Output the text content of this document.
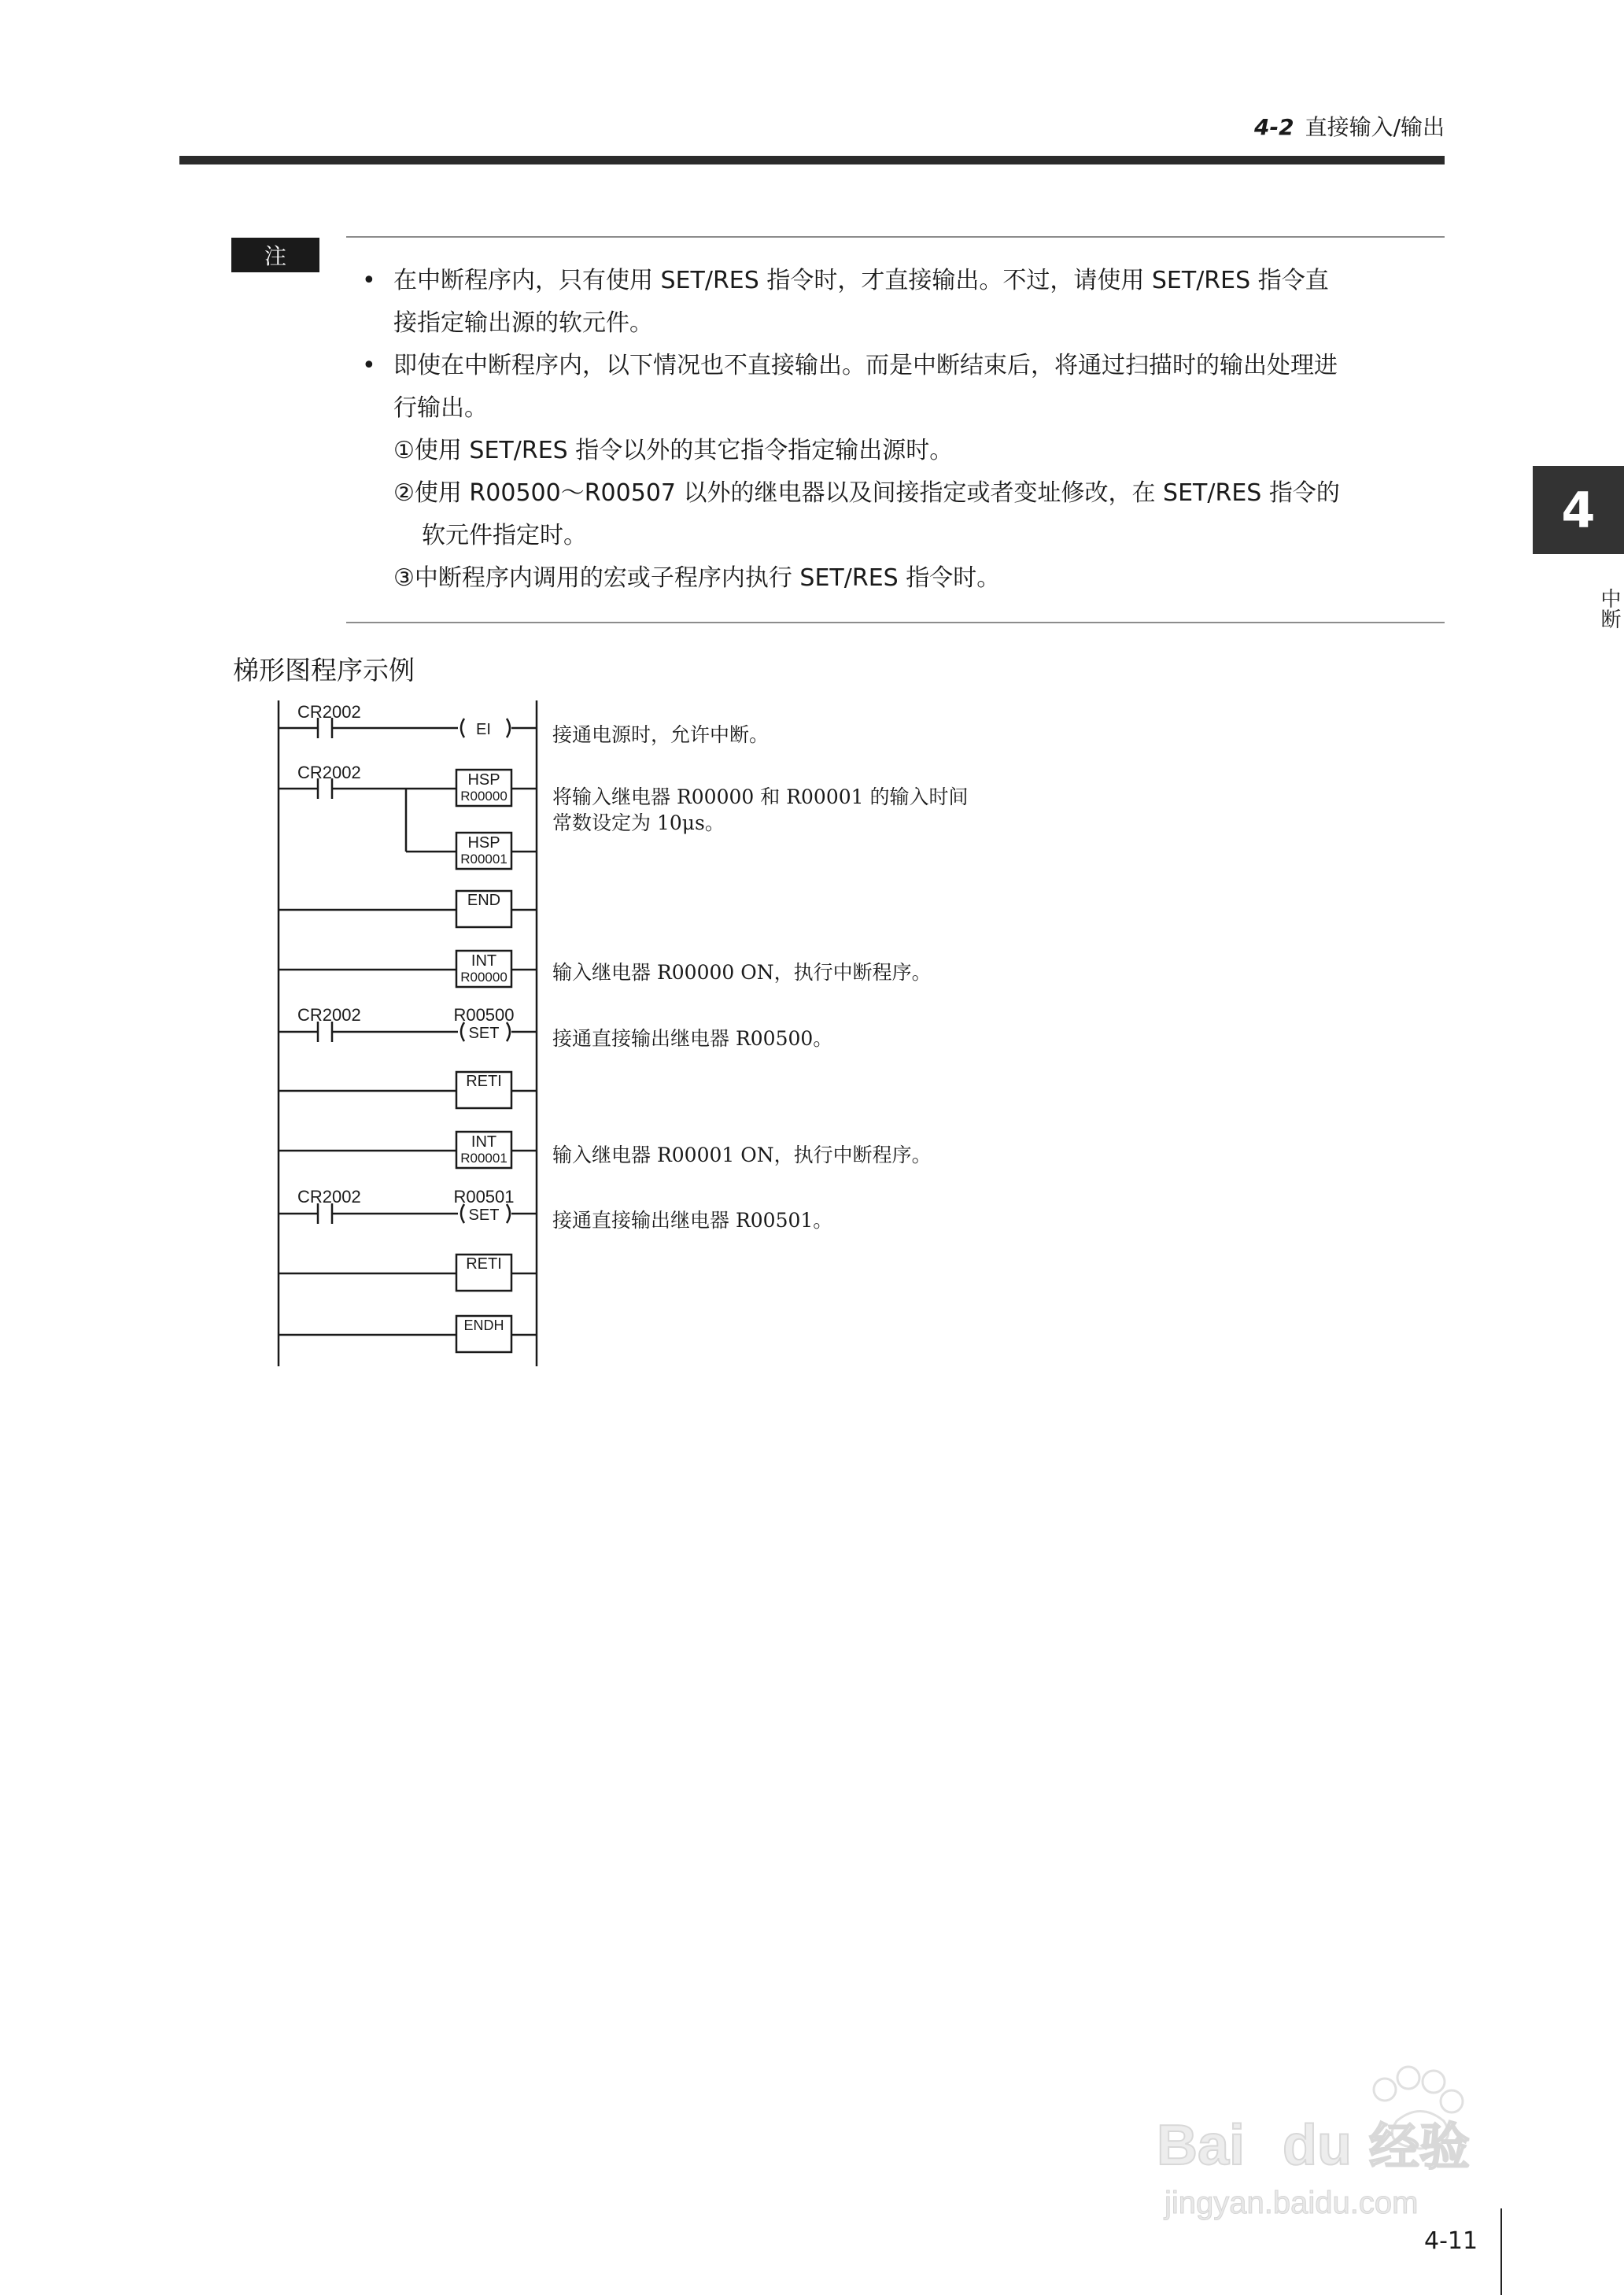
4-2 直接输入/输出
4
中断
注
• 在中断程序内，只有使用 SET/RES 指令时，才直接输出。不过，请使用 SET/RES 指令直
接指定输出源的软元件。
• 即使在中断程序内，以下情况也不直接输出。而是中断结束后，将通过扫描时的输出处理进
行输出。
①使用 SET/RES 指令以外的其它指令指定输出源时。
②使用 R00500～R00507 以外的继电器以及间接指定或者变址修改，在 SET/RES 指令的
软元件指定时。
③中断程序内调用的宏或子程序内执行 SET/RES 指令时。
梯形图程序示例
CR2002
EI
CR2002	HSP
R00000
HSP
R00001
END
INT
R00000
CR2002	R00500
SET
RETI
INT
R00001
CR2002	R00501
SET
RETI
ENDH
接通电源时，允许中断。
将输入继电器 R00000 和 R00001 的输入时间
常数设定为 10μs。
输入继电器 R00000 ON，执行中断程序。
接通直接输出继电器 R00500。
输入继电器 R00001 ON，执行中断程序。
接通直接输出继电器 R00501。
Bai du 经验
jingyan.baidu.com
4-11
